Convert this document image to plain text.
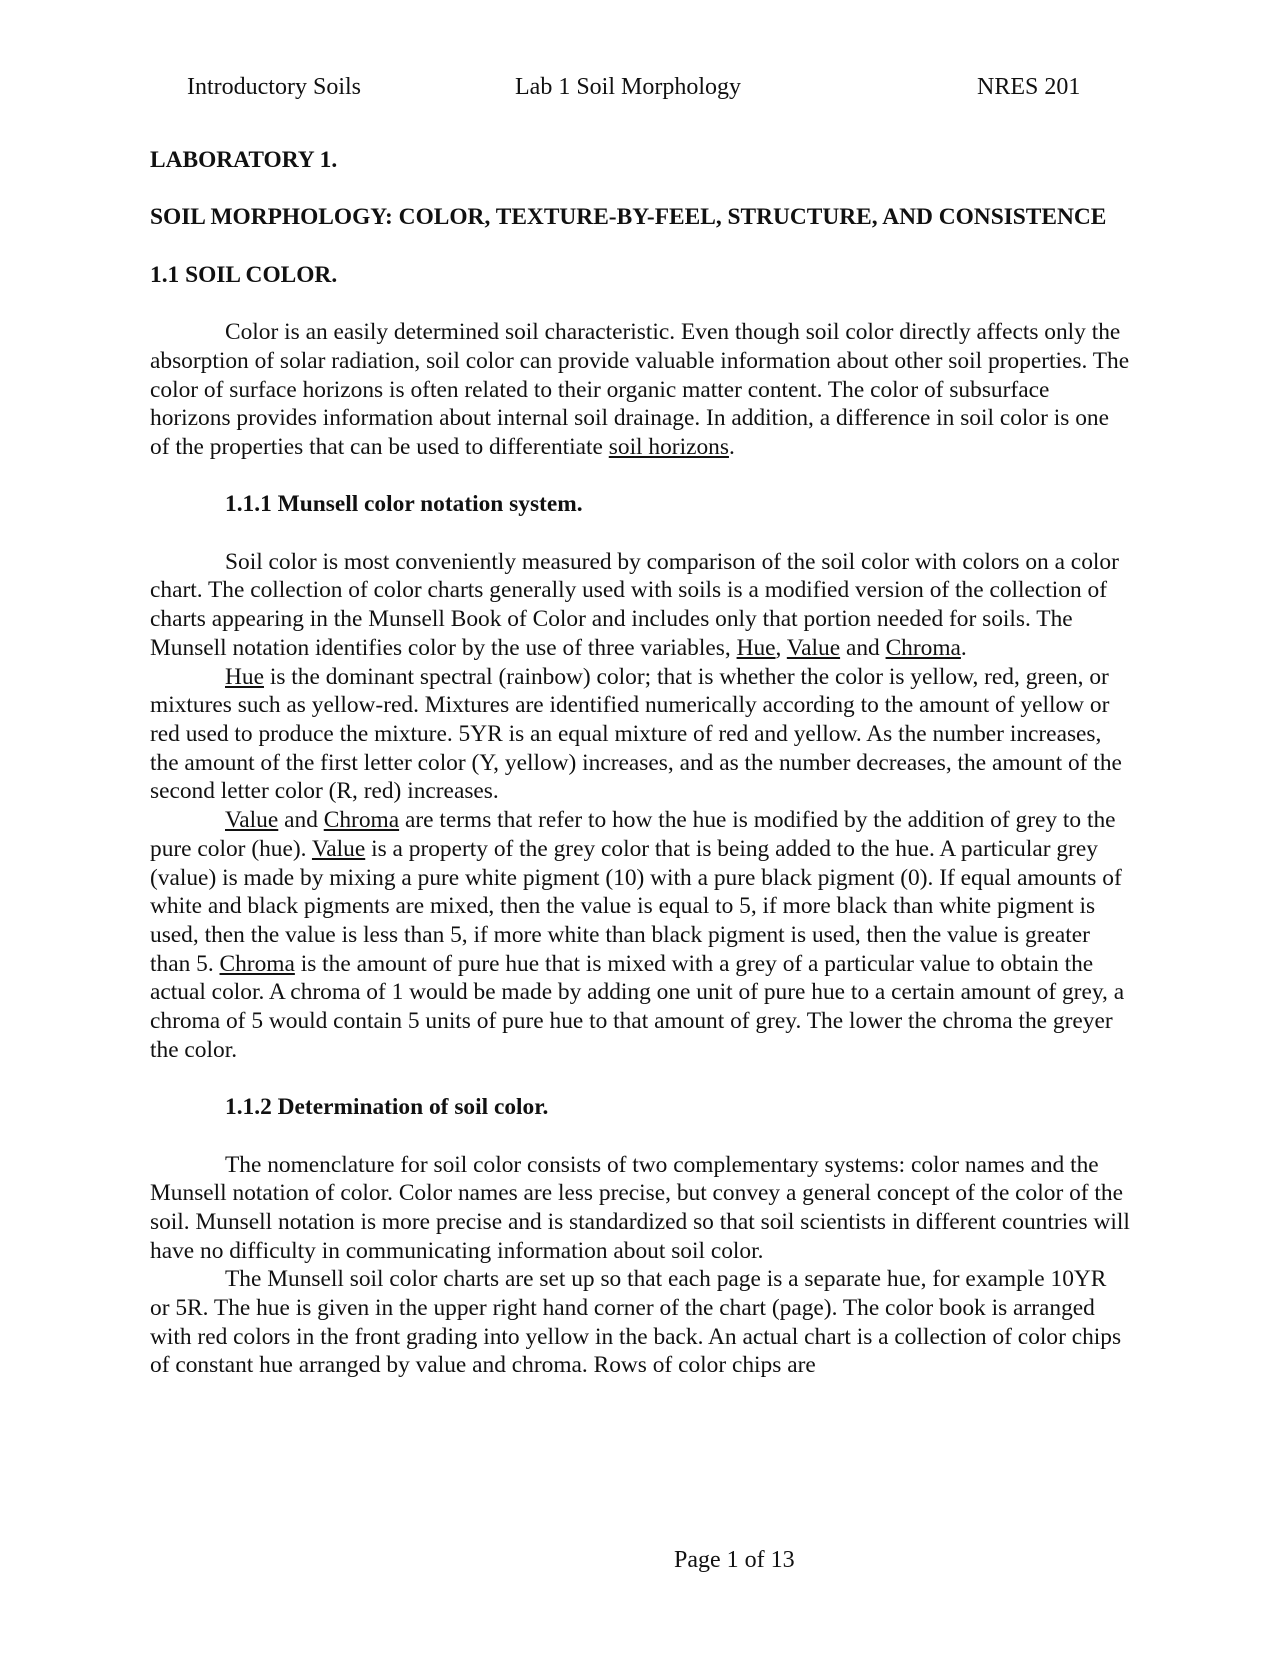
Introductory Soils	Lab 1 Soil Morphology	NRES 201
LABORATORY 1.
SOIL MORPHOLOGY: COLOR, TEXTURE-BY-FEEL, STRUCTURE, AND CONSISTENCE
1.1 SOIL COLOR.

Color is an easily determined soil characteristic. Even though soil color directly affects only the absorption of solar radiation, soil color can provide valuable information about other soil properties. The color of surface horizons is often related to their organic matter content. The color of subsurface horizons provides information about internal soil drainage. In addition, a difference in soil color is one of the properties that can be used to differentiate soil horizons.

1.1.1 Munsell color notation system.

Soil color is most conveniently measured by comparison of the soil color with colors on a color chart. The collection of color charts generally used with soils is a modified version of the collection of charts appearing in the Munsell Book of Color and includes only that portion needed for soils. The Munsell notation identifies color by the use of three variables, Hue, Value and Chroma.

Hue is the dominant spectral (rainbow) color; that is whether the color is yellow, red, green, or mixtures such as yellow-red. Mixtures are identified numerically according to the amount of yellow or red used to produce the mixture. 5YR is an equal mixture of red and yellow. As the number increases, the amount of the first letter color (Y, yellow) increases, and as the number decreases, the amount of the second letter color (R, red) increases.

Value and Chroma are terms that refer to how the hue is modified by the addition of grey to the pure color (hue). Value is a property of the grey color that is being added to the hue. A particular grey (value) is made by mixing a pure white pigment (10) with a pure black pigment (0). If equal amounts of white and black pigments are mixed, then the value is equal to 5, if more black than white pigment is used, then the value is less than 5, if more white than black pigment is used, then the value is greater than 5. Chroma is the amount of pure hue that is mixed with a grey of a particular value to obtain the actual color. A chroma of 1 would be made by adding one unit of pure hue to a certain amount of grey, a chroma of 5 would contain 5 units of pure hue to that amount of grey. The lower the chroma the greyer the color.

1.1.2 Determination of soil color.

The nomenclature for soil color consists of two complementary systems: color names and the Munsell notation of color. Color names are less precise, but convey a general concept of the color of the soil. Munsell notation is more precise and is standardized so that soil scientists in different countries will have no difficulty in communicating information about soil color.

The Munsell soil color charts are set up so that each page is a separate hue, for example 10YR or 5R. The hue is given in the upper right hand corner of the chart (page). The color book is arranged with red colors in the front grading into yellow in the back. An actual chart is a collection of color chips of constant hue arranged by value and chroma. Rows of color chips are

Page 1 of 13
